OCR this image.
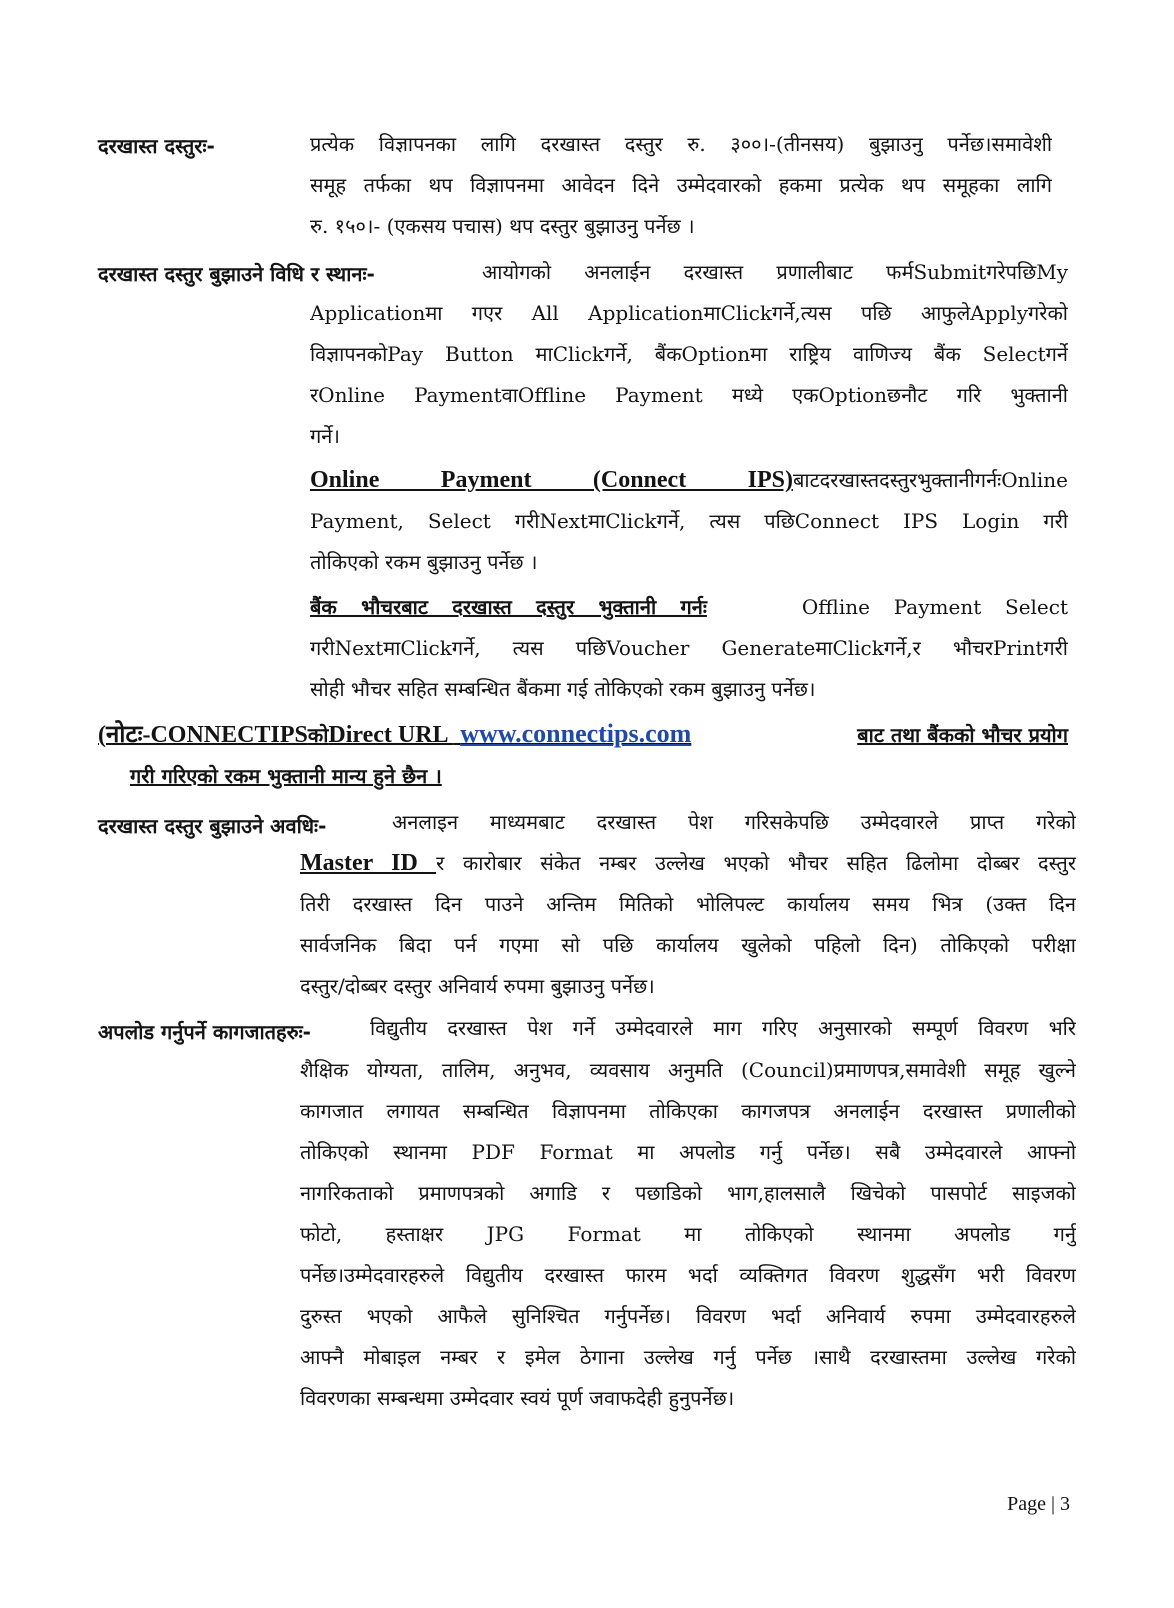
दरखास्त दस्तुरः-	प्रत्येक विज्ञापनका लागि दरखास्त दस्तुर रु. ३००।-(तीनसय) बुझाउनु पर्नेछ।समावेशी
समूह तर्फका थप विज्ञापनमा आवेदन दिने उम्मेदवारको हकमा प्रत्येक थप समूहका लागि
रु. १५०।- (एकसय पचास) थप दस्तुर बुझाउनु पर्नेछ ।
दरखास्त दस्तुर बुझाउने विधि र स्थानः-	आयोगको अनलाईन दरखास्त प्रणालीबाट फर्मSubmitगरेपछिMy
Applicationमा गएर All ApplicationमाClickगर्ने,त्यस पछि आफुलेApplyगरेको
विज्ञापनकोPay Button माClickगर्ने, बैंकOptionमा राष्ट्रिय वाणिज्य बैंक Selectगर्ने
रOnline PaymentवाOffline Payment मध्ये एकOptionछनौट गरि भुक्तानी
गर्ने।
Online Payment (Connect IPS)बाटदरखास्तदस्तुरभुक्तानीगर्नःOnline
Payment, Select गरीNextमाClickगर्ने, त्यस पछिConnect IPS Login गरी
तोकिएको रकम बुझाउनु पर्नेछ ।
बैंक भौचरबाट दरखास्त दस्तुर भुक्तानी गर्नः	Offline Payment Select
गरीNextमाClickगर्ने, त्यस पछिVoucher GenerateमाClickगर्ने,र भौचरPrintगरी
सोही भौचर सहित सम्बन्धित बैंकमा गई तोकिएको रकम बुझाउनु पर्नेछ।
(नोटः-CONNECTIPSकोDirect URL  www.connectips.com	बाट तथा बैंकको भौचर प्रयोग
गरी गरिएको रकम भुक्तानी मान्य हुने छैन ।
दरखास्त दस्तुर बुझाउने अवधिः-	अनलाइन माध्यमबाट दरखास्त पेश गरिसकेपछि उम्मेदवारले प्राप्त गरेको
Master ID र कारोबार संकेत नम्बर उल्लेख भएको भौचर सहित ढिलोमा दोब्बर दस्तुर
तिरी दरखास्त दिन पाउने अन्तिम मितिको भोलिपल्ट कार्यालय समय भित्र (उक्त दिन
सार्वजनिक बिदा पर्न गएमा सो पछि कार्यालय खुलेको पहिलो दिन) तोकिएको परीक्षा
दस्तुर/दोब्बर दस्तुर अनिवार्य रुपमा बुझाउनु पर्नेछ।
अपलोड गर्नुपर्ने कागजातहरुः-	विद्युतीय दरखास्त पेश गर्ने उम्मेदवारले माग गरिए अनुसारको सम्पूर्ण विवरण भरि
शैक्षिक योग्यता, तालिम, अनुभव, व्यवसाय अनुमति (Council)प्रमाणपत्र,समावेशी समूह खुल्ने
कागजात लगायत सम्बन्धित विज्ञापनमा तोकिएका कागजपत्र अनलाईन दरखास्त प्रणालीको
तोकिएको स्थानमा PDF Format मा अपलोड गर्नु पर्नेछ। सबै उम्मेदवारले आफ्नो
नागरिकताको प्रमाणपत्रको अगाडि र पछाडिको भाग,हालसालै खिचेको पासपोर्ट साइजको
फोटो, हस्ताक्षर JPG Format मा तोकिएको स्थानमा अपलोड गर्नु
पर्नेछ।उम्मेदवारहरुले विद्युतीय दरखास्त फारम भर्दा व्यक्तिगत विवरण शुद्धसँग भरी विवरण
दुरुस्त भएको आफैले सुनिश्चित गर्नुपर्नेछ। विवरण भर्दा अनिवार्य रुपमा उम्मेदवारहरुले
आफ्नै मोबाइल नम्बर र इमेल ठेगाना उल्लेख गर्नु पर्नेछ ।साथै दरखास्तमा उल्लेख गरेको
विवरणका सम्बन्धमा उम्मेदवार स्वयं पूर्ण जवाफदेही हुनुपर्नेछ।
Page | 3
